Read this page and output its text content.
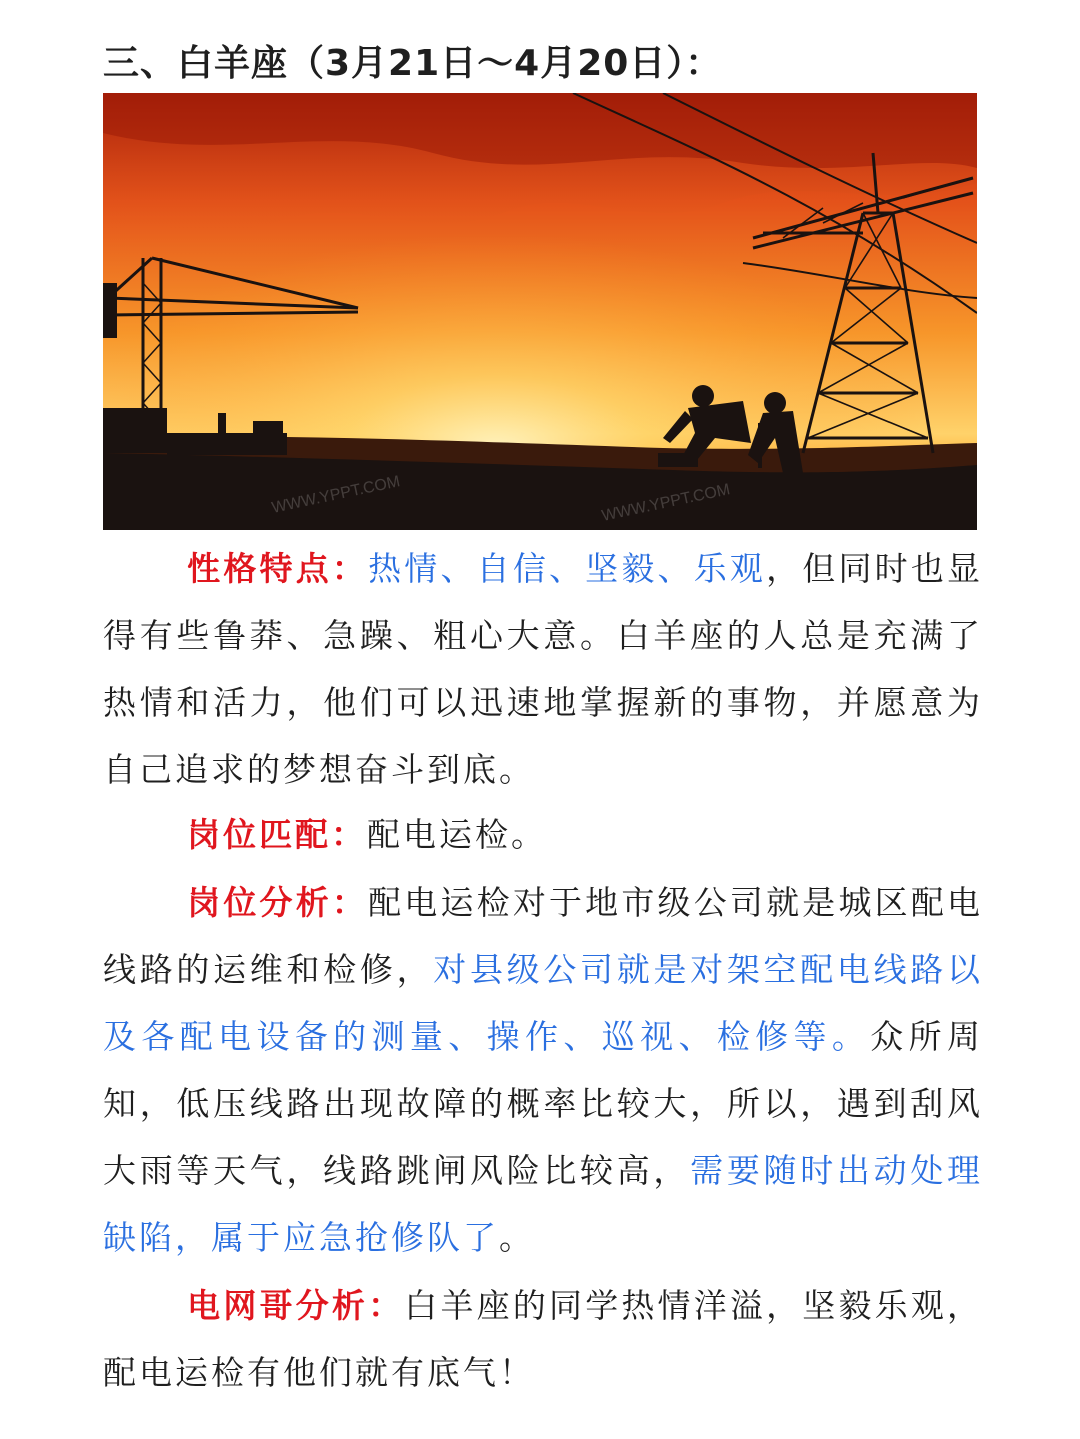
三、白羊座（3月21日～4月20日）：
WWW.YPPT.COM	WWW.YPPT.COM
性格特点：热情、自信、坚毅、乐观，但同时也显得有些鲁莽、急躁、粗心大意。白羊座的人总是充满了热情和活力，他们可以迅速地掌握新的事物，并愿意为自己追求的梦想奋斗到底。
岗位匹配：配电运检。
岗位分析：配电运检对于地市级公司就是城区配电线路的运维和检修，对县级公司就是对架空配电线路以及各配电设备的测量、操作、巡视、检修等。众所周知，低压线路出现故障的概率比较大，所以，遇到刮风大雨等天气，线路跳闸风险比较高，需要随时出动处理缺陷，属于应急抢修队了。
电网哥分析：白羊座的同学热情洋溢，坚毅乐观，配电运检有他们就有底气！
